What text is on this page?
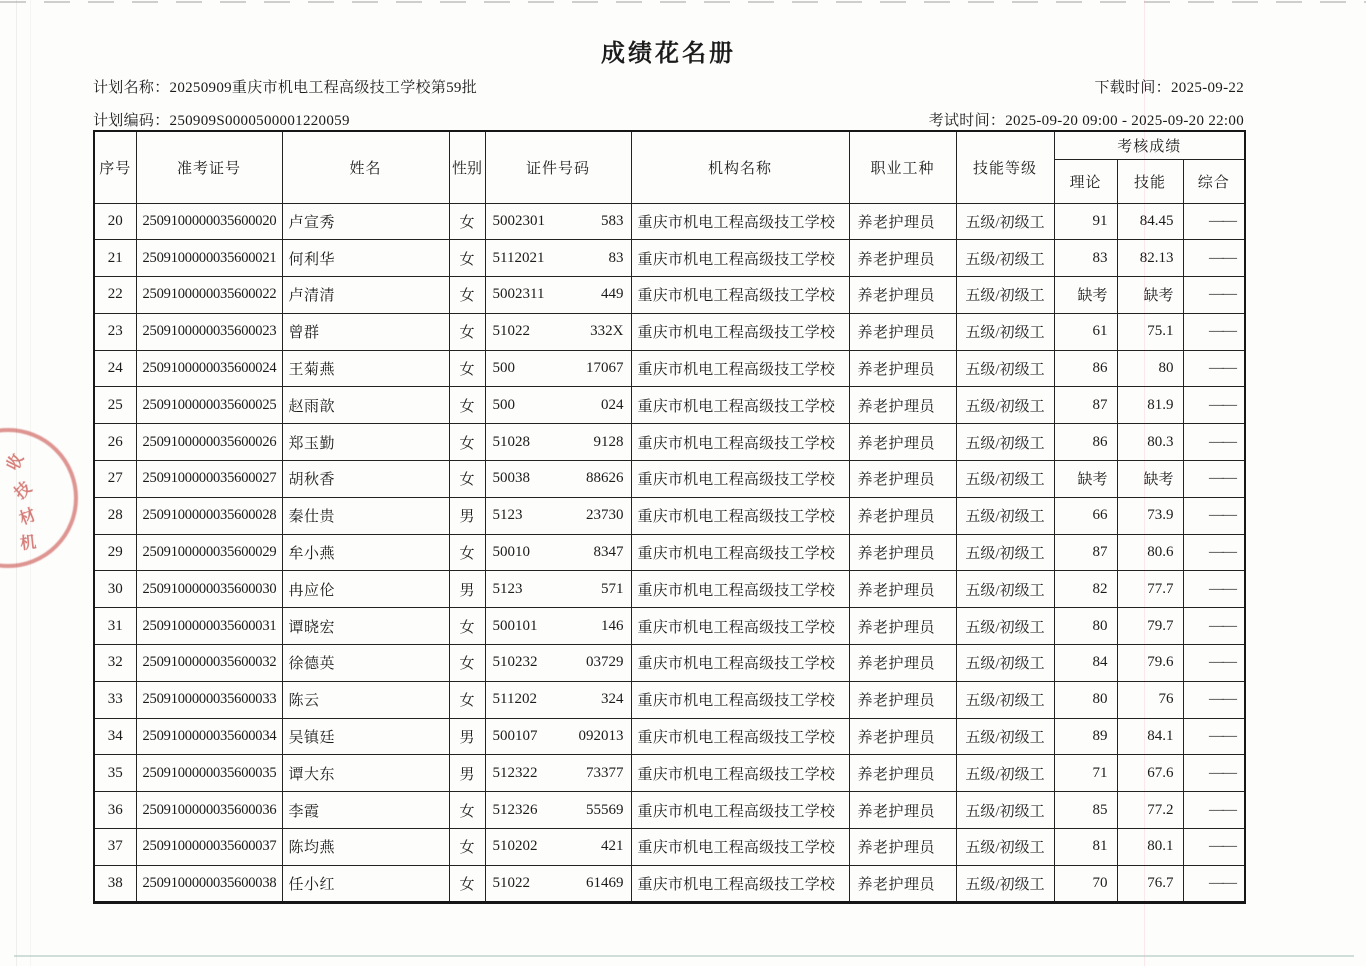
收
技
材
机
成绩花名册
计划名称：20250909重庆市机电工程高级技工学校第59批	下载时间：2025-09-22
计划编码：250909S0000500001220059	考试时间：2025-09-20 09:00 - 2025-09-20 22:00
序号	准考证号	姓名	性别	证件号码	机构名称	职业工种	技能等级	考核成绩		
								理论	技能	综合
20	2509100000035600020	卢宣秀	女	5002301 583	重庆市机电工程高级技工学校	养老护理员	五级/初级工	91	84.45	——
21	2509100000035600021	何利华	女	5112021 83	重庆市机电工程高级技工学校	养老护理员	五级/初级工	83	82.13	——
22	2509100000035600022	卢清清	女	5002311 449	重庆市机电工程高级技工学校	养老护理员	五级/初级工	缺考	缺考	——
23	2509100000035600023	曾群	女	51022 332X	重庆市机电工程高级技工学校	养老护理员	五级/初级工	61	75.1	——
24	2509100000035600024	王菊燕	女	500 17067	重庆市机电工程高级技工学校	养老护理员	五级/初级工	86	80	——
25	2509100000035600025	赵雨歆	女	500 024	重庆市机电工程高级技工学校	养老护理员	五级/初级工	87	81.9	——
26	2509100000035600026	郑玉勤	女	51028 9128	重庆市机电工程高级技工学校	养老护理员	五级/初级工	86	80.3	——
27	2509100000035600027	胡秋香	女	50038 88626	重庆市机电工程高级技工学校	养老护理员	五级/初级工	缺考	缺考	——
28	2509100000035600028	秦仕贵	男	5123 23730	重庆市机电工程高级技工学校	养老护理员	五级/初级工	66	73.9	——
29	2509100000035600029	牟小燕	女	50010 8347	重庆市机电工程高级技工学校	养老护理员	五级/初级工	87	80.6	——
30	2509100000035600030	冉应伦	男	5123 571	重庆市机电工程高级技工学校	养老护理员	五级/初级工	82	77.7	——
31	2509100000035600031	谭晓宏	女	500101 146	重庆市机电工程高级技工学校	养老护理员	五级/初级工	80	79.7	——
32	2509100000035600032	徐德英	女	510232 03729	重庆市机电工程高级技工学校	养老护理员	五级/初级工	84	79.6	——
33	2509100000035600033	陈云	女	511202 324	重庆市机电工程高级技工学校	养老护理员	五级/初级工	80	76	——
34	2509100000035600034	吴镇廷	男	500107 092013	重庆市机电工程高级技工学校	养老护理员	五级/初级工	89	84.1	——
35	2509100000035600035	谭大东	男	512322 73377	重庆市机电工程高级技工学校	养老护理员	五级/初级工	71	67.6	——
36	2509100000035600036	李霞	女	512326 55569	重庆市机电工程高级技工学校	养老护理员	五级/初级工	85	77.2	——
37	2509100000035600037	陈均燕	女	510202 421	重庆市机电工程高级技工学校	养老护理员	五级/初级工	81	80.1	——
38	2509100000035600038	任小红	女	51022 61469	重庆市机电工程高级技工学校	养老护理员	五级/初级工	70	76.7	——
